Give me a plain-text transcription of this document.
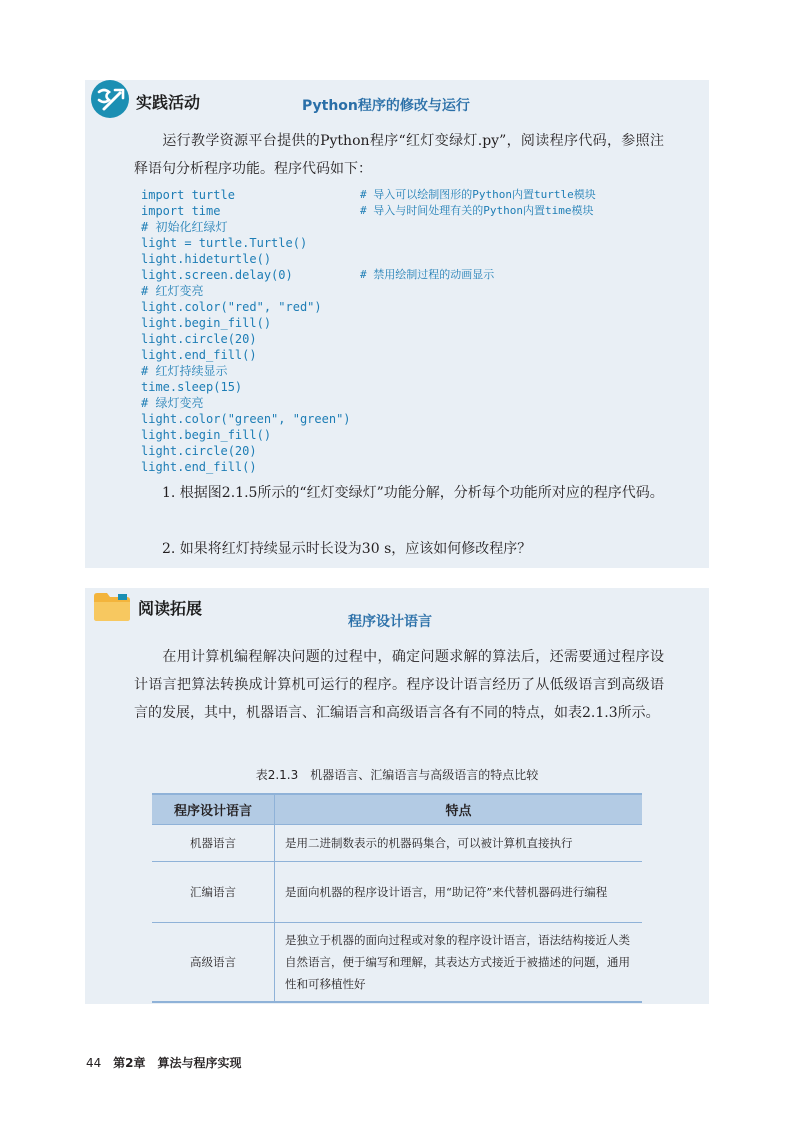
实践活动	Python程序的修改与运行
运行教学资源平台提供的Python程序“红灯变绿灯.py”，阅读程序代码，参照注释语句分析程序功能。程序代码如下：
import turtle	# 导入可以绘制图形的Python内置turtle模块
import time	# 导入与时间处理有关的Python内置time模块
# 初始化红绿灯
light = turtle.Turtle()
light.hideturtle()
light.screen.delay(0)	# 禁用绘制过程的动画显示
# 红灯变亮
light.color("red", "red")
light.begin_fill()
light.circle(20)
light.end_fill()
# 红灯持续显示
time.sleep(15)
# 绿灯变亮
light.color("green", "green")
light.begin_fill()
light.circle(20)
light.end_fill()
1. 根据图2.1.5所示的“红灯变绿灯”功能分解，分析每个功能所对应的程序代码。
2. 如果将红灯持续显示时长设为30 s，应该如何修改程序？
阅读拓展
程序设计语言
在用计算机编程解决问题的过程中，确定问题求解的算法后，还需要通过程序设计语言把算法转换成计算机可运行的程序。程序设计语言经历了从低级语言到高级语言的发展，其中，机器语言、汇编语言和高级语言各有不同的特点，如表2.1.3所示。
表2.1.3　机器语言、汇编语言与高级语言的特点比较
程序设计语言	特点
机器语言	是用二进制数表示的机器码集合，可以被计算机直接执行
汇编语言	是面向机器的程序设计语言，用“助记符”来代替机器码进行编程
高级语言	是独立于机器的面向过程或对象的程序设计语言，语法结构接近人类自然语言，便于编写和理解，其表达方式接近于被描述的问题，通用性和可移植性好
44 第2章　算法与程序实现
